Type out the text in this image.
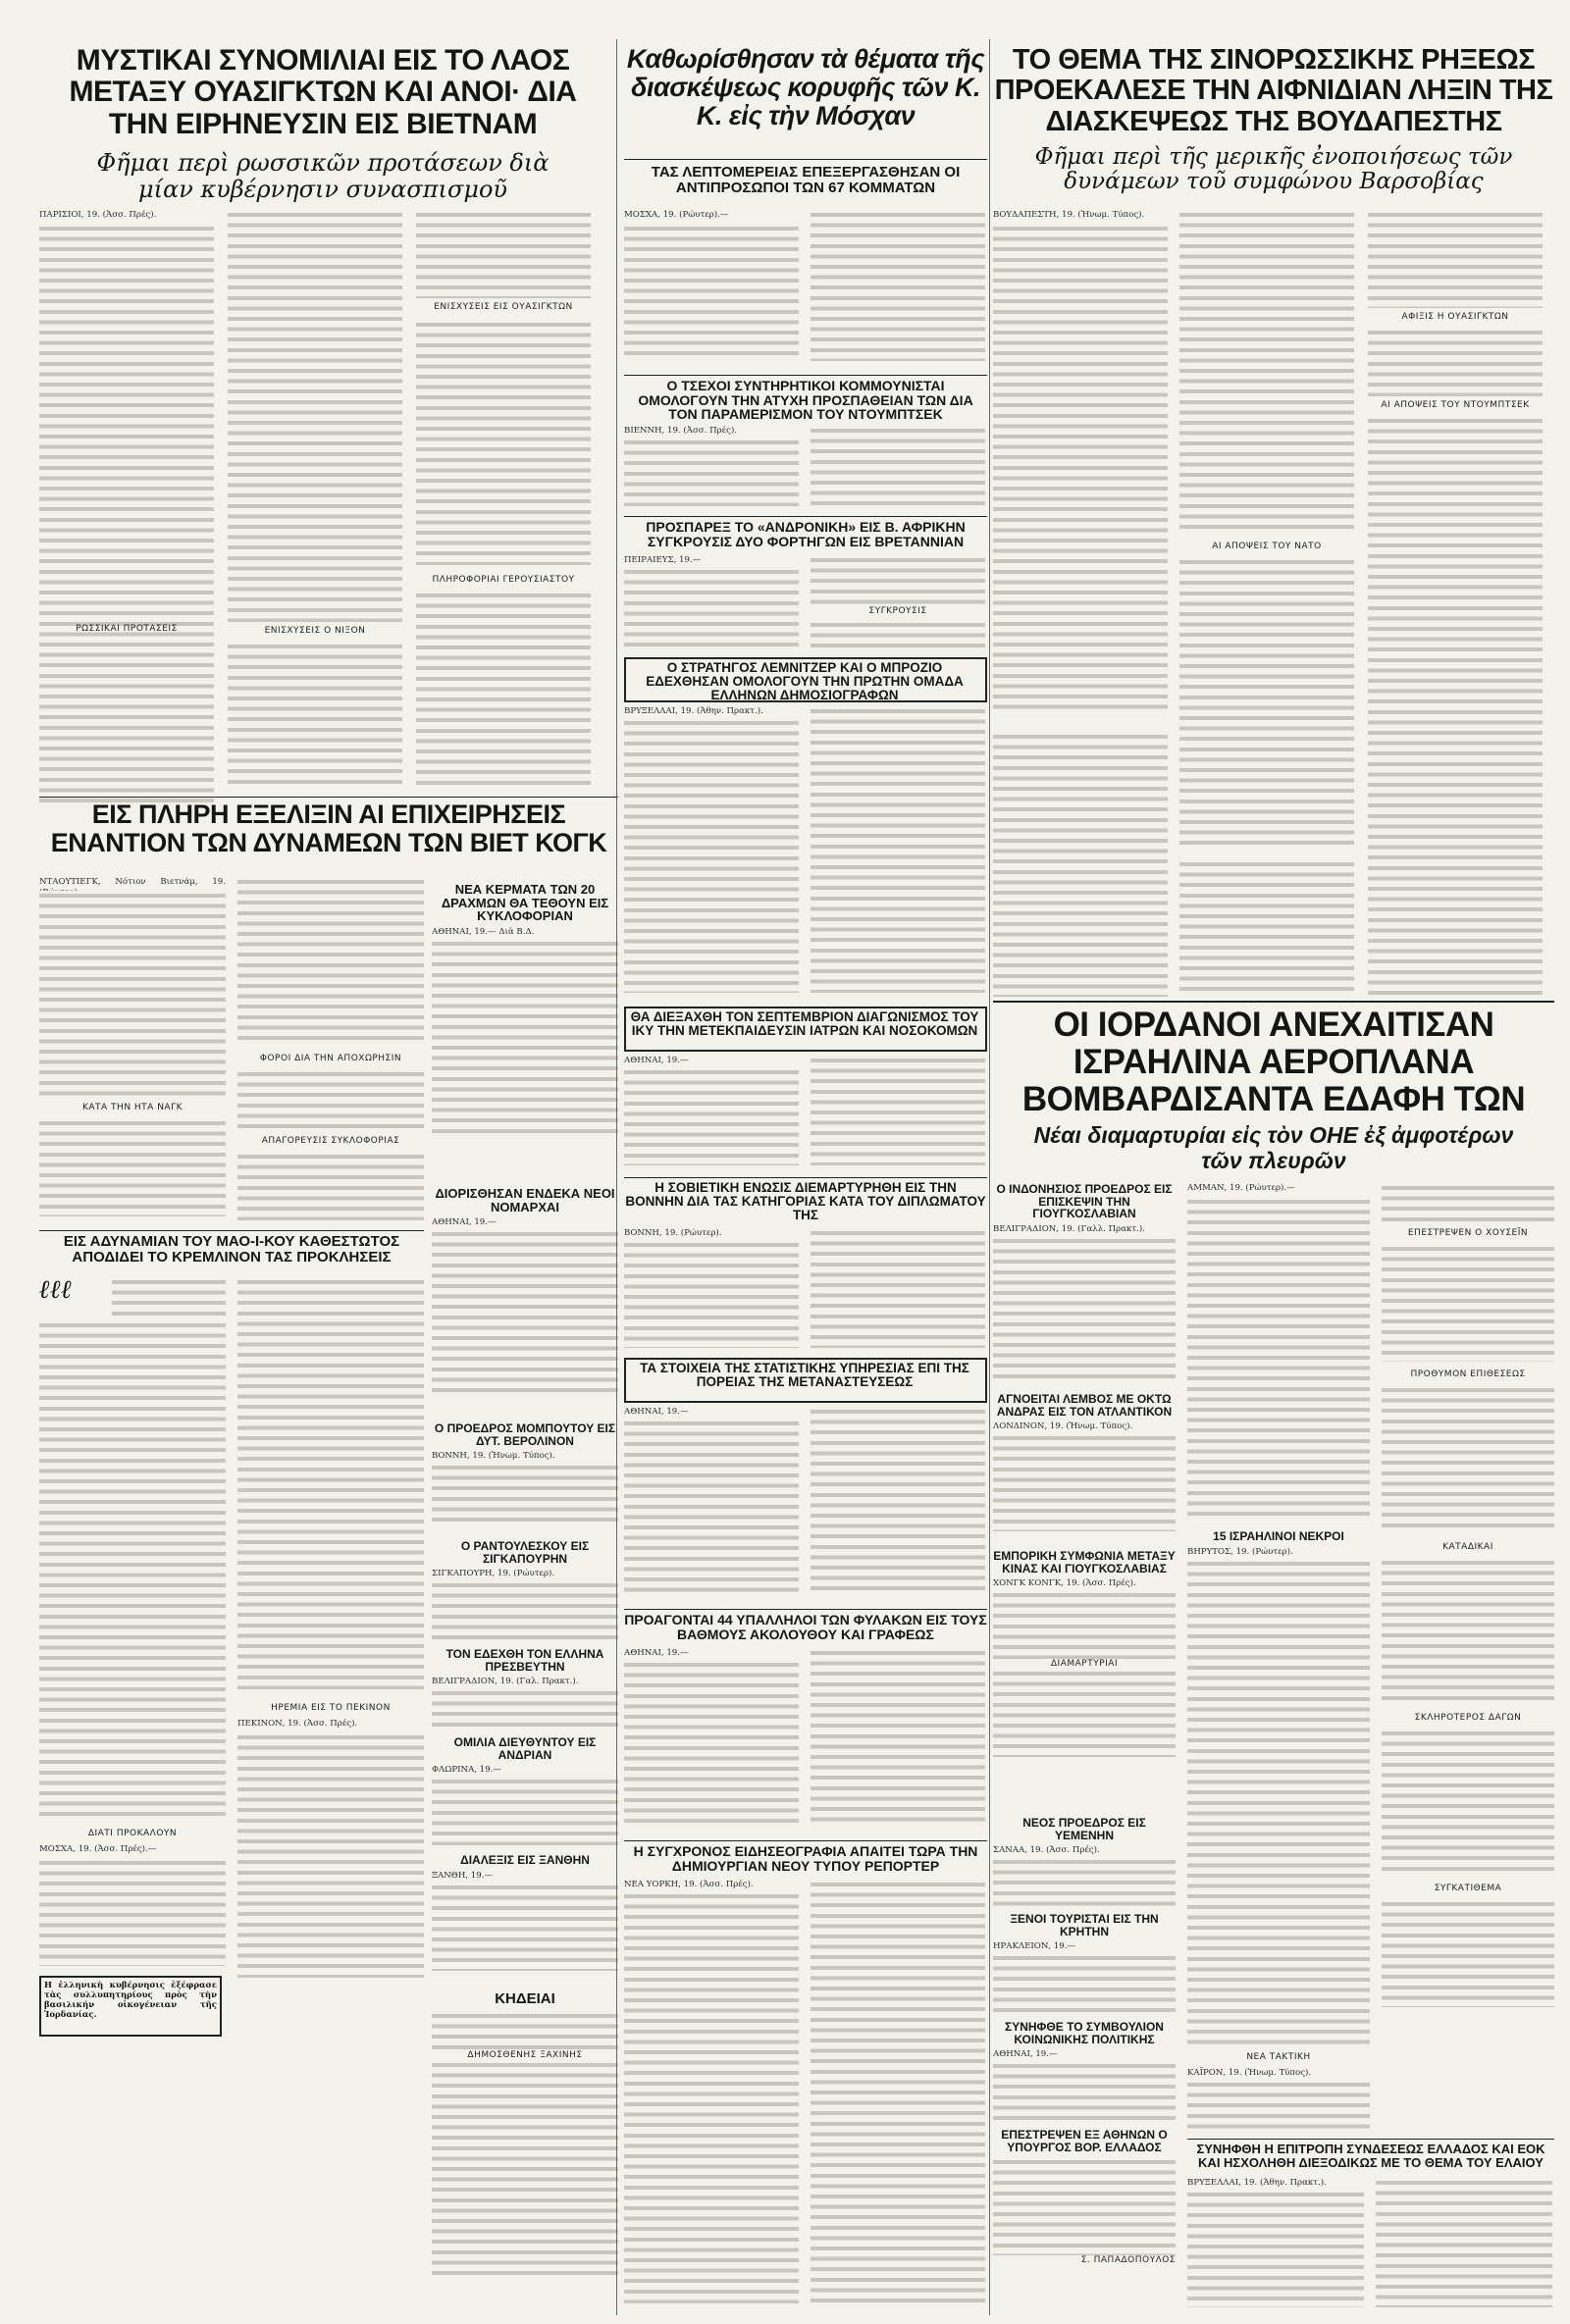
ΜΥΣΤΙΚΑΙ ΣΥΝΟΜΙΛΙΑΙ ΕΙΣ ΤΟ ΛΑΟΣ ΜΕΤΑΞΥ ΟΥΑΣΙΓΚΤΩΝ ΚΑΙ ΑΝΟΙ· ΔΙΑ ΤΗΝ ΕΙΡΗΝΕΥΣΙΝ ΕΙΣ ΒΙΕΤΝΑΜ

Φῆμαι περὶ ρωσσικῶν προτάσεων διὰ μίαν κυβέρνησιν συνασπισμοῦ

ΠΑΡΙΣΙΟΙ, 19. (Ἀσσ. Πρές).
ΡΩΣΣΙΚΑΙ ΠΡΟΤΑΣΕΙΣ
ΕΝΙΣΧΥΣΕΙΣ ΕΙΣ ΟΥΑΣΙΓΚΤΩΝ
ΕΝΙΣΧΥΣΕΙΣ Ο ΝΙΞΟΝ
ΠΛΗΡΟΦΟΡΙΑΙ ΓΕΡΟΥΣΙΑΣΤΟΥ
Καθωρίσθησαν τὰ θέματα τῆς διασκέψεως κορυφῆς τῶν Κ. Κ. εἰς τὴν Μόσχαν

ΤΑΣ ΛΕΠΤΟΜΕΡΕΙΑΣ ΕΠΕΞΕΡΓΑΣΘΗΣΑΝ ΟΙ ΑΝΤΙΠΡΟΣΩΠΟΙ ΤΩΝ 67 ΚΟΜΜΑΤΩΝ

ΜΟΣΧΑ, 19. (Ρώυτερ).—
ΤΟ ΘΕΜΑ ΤΗΣ ΣΙΝΟΡΩΣΣΙΚΗΣ ΡΗΞΕΩΣ ΠΡΟΕΚΑΛΕΣΕ ΤΗΝ ΑΙΦΝΙΔΙΑΝ ΛΗΞΙΝ ΤΗΣ ΔΙΑΣΚΕΨΕΩΣ ΤΗΣ ΒΟΥΔΑΠΕΣΤΗΣ

Φῆμαι περὶ τῆς μερικῆς ἐνοποιήσεως τῶν δυνάμεων τοῦ συμφώνου Βαρσοβίας

ΒΟΥΔΑΠΕΣΤΗ, 19. (Ἠνωμ. Τύπος).
ΑΙ ΑΠΟΨΕΙΣ ΤΟΥ ΝΑΤΟ
ΑΦΙΞΙΣ Η ΟΥΑΣΙΓΚΤΩΝ
ΑΙ ΑΠΟΨΕΙΣ ΤΟΥ ΝΤΟΥΜΠΤΣΕΚ
Ο ΤΣΕΧΟΙ ΣΥΝΤΗΡΗΤΙΚΟΙ ΚΟΜΜΟΥΝΙΣΤΑΙ ΟΜΟΛΟΓΟΥΝ ΤΗΝ ΑΤΥΧΗ ΠΡΟΣΠΑΘΕΙΑΝ ΤΩΝ ΔΙΑ ΤΟΝ ΠΑΡΑΜΕΡΙΣΜΟΝ ΤΟΥ ΝΤΟΥΜΠΤΣΕΚ
ΒΙΕΝΝΗ, 19. (Ἀσσ. Πρές).
ΠΡΟΣΠΑΡΕΞ ΤΟ «ΑΝΔΡΟΝΙΚΗ» ΕΙΣ Β. ΑΦΡΙΚΗΝ ΣΥΓΚΡΟΥΣΙΣ ΔΥΟ ΦΟΡΤΗΓΩΝ ΕΙΣ ΒΡΕΤΑΝΝΙΑΝ
ΠΕΙΡΑΙΕΥΣ, 19.—
ΣΥΓΚΡΟΥΣΙΣ
Ο ΣΤΡΑΤΗΓΟΣ ΛΕΜΝΙΤΖΕΡ ΚΑΙ Ο ΜΠΡΟΖΙΟ ΕΔΕΧΘΗΣΑΝ ΟΜΟΛΟΓΟΥΝ ΤΗΝ ΠΡΩΤΗΝ ΟΜΑΔΑ ΕΛΛΗΝΩΝ ΔΗΜΟΣΙΟΓΡΑΦΩΝ
ΒΡΥΞΕΛΛΑΙ, 19. (Ἀθην. Πρακτ.).
ΕΙΣ ΠΛΗΡΗ ΕΞΕΛΙΞΙΝ ΑΙ ΕΠΙΧΕΙΡΗΣΕΙΣ ΕΝΑΝΤΙΟΝ ΤΩΝ ΔΥΝΑΜΕΩΝ ΤΩΝ ΒΙΕΤ ΚΟΓΚ
ΝΤΑΟΥΤΙΕΓΚ, Νότιον Βιετνάμ, 19.
ΚΑΤΑ ΤΗΝ ΗΤΑ ΝΑΓΚ
ΦΟΡΟΙ ΔΙΑ ΤΗΝ ΑΠΟΧΩΡΗΣΙΝ
ΑΠΑΓΟΡΕΥΣΙΣ ΣΥΚΛΟΦΟΡΙΑΣ
ΝΕΑ ΚΕΡΜΑΤΑ ΤΩΝ 20 ΔΡΑΧΜΩΝ ΘΑ ΤΕΘΟΥΝ ΕΙΣ ΚΥΚΛΟΦΟΡΙΑΝ
ΑΘΗΝΑΙ, 19.— Διὰ Β.Δ.
ΔΙΟΡΙΣΘΗΣΑΝ ΕΝΔΕΚΑ ΝΕΟΙ ΝΟΜΑΡΧΑΙ
ΑΘΗΝΑΙ, 19.—
Ο ΠΡΟΕΔΡΟΣ ΜΟΜΠΟΥΤΟΥ ΕΙΣ ΔΥΤ. ΒΕΡΟΛΙΝΟΝ
ΒΟΝΝΗ, 19. (Ἠνωμ. Τύπος).
Ο ΡΑΝΤΟΥΛΕΣΚΟΥ ΕΙΣ ΣΙΓΚΑΠΟΥΡΗΝ
ΣΙΓΚΑΠΟΥΡΗ, 19. (Ρώυτερ).
ΤΟΝ ΕΔΕΧΘΗ ΤΟΝ ΕΛΛΗΝΑ ΠΡΕΣΒΕΥΤΗΝ
ΒΕΛΙΓΡΑΔΙΟΝ, 19. (Γαλ. Πρακτ.).
ΟΜΙΛΙΑ ΔΙΕΥΘΥΝΤΟΥ ΕΙΣ ΑΝΔΡΙΑΝ
ΦΛΩΡΙΝΑ, 19.—
ΔΙΑΛΕΞΙΣ ΕΙΣ ΞΑΝΘΗΝ
ΞΑΝΘΗ, 19.—
ΚΗΔΕΙΑΙ
ΔΗΜΟΣΘΕΝΗΣ ΞΑΧΙΝΗΣ
ΕΙΣ ΑΔΥΝΑΜΙΑΝ ΤΟΥ ΜΑΟ-Ι-ΚΟΥ ΚΑΘΕΣΤΩΤΟΣ ΑΠΟΔΙΔΕΙ ΤΟ ΚΡΕΜΛΙΝΟΝ ΤΑΣ ΠΡΟΚΛΗΣΕΙΣ
ℓℓℓ
ΔΙΑΤΙ ΠΡΟΚΑΛΟΥΝ
ΜΟΣΧΑ, 19. (Ἀσσ. Πρές).—
ΗΡΕΜΙΑ ΕΙΣ ΤΟ ΠΕΚΙΝΟΝ
ΠΕΚΙΝΟΝ, 19. (Ἀσσ. Πρές).
Η ἑλληνικὴ κυβέρνησις ἐξέφρασε τὰς συλλυπητηρίους πρὸς τὴν βασιλικήν οἰκογένειαν τῆς Ἰορδανίας.
ΘΑ ΔΙΕΞΑΧΘΗ ΤΟΝ ΣΕΠΤΕΜΒΡΙΟΝ ΔΙΑΓΩΝΙΣΜΟΣ ΤΟΥ ΙΚΥ ΤΗΝ ΜΕΤΕΚΠΑΙΔΕΥΣΙΝ ΙΑΤΡΩΝ ΚΑΙ ΝΟΣΟΚΟΜΩΝ
ΑΘΗΝΑΙ, 19.—
Η ΣΟΒΙΕΤΙΚΗ ΕΝΩΣΙΣ ΔΙΕΜΑΡΤΥΡΗΘΗ ΕΙΣ ΤΗΝ ΒΟΝΝΗΝ ΔΙΑ ΤΑΣ ΚΑΤΗΓΟΡΙΑΣ ΚΑΤΑ ΤΟΥ ΔΙΠΛΩΜΑΤΟΥ ΤΗΣ
ΒΟΝΝΗ, 19. (Ρώυτερ).
ΤΑ ΣΤΟΙΧΕΙΑ ΤΗΣ ΣΤΑΤΙΣΤΙΚΗΣ ΥΠΗΡΕΣΙΑΣ ΕΠΙ ΤΗΣ ΠΟΡΕΙΑΣ ΤΗΣ ΜΕΤΑΝΑΣΤΕΥΣΕΩΣ
ΑΘΗΝΑΙ, 19.—
ΠΡΟΑΓΟΝΤΑΙ 44 ΥΠΑΛΛΗΛΟΙ ΤΩΝ ΦΥΛΑΚΩΝ ΕΙΣ ΤΟΥΣ ΒΑΘΜΟΥΣ ΑΚΟΛΟΥΘΟΥ ΚΑΙ ΓΡΑΦΕΩΣ
ΑΘΗΝΑΙ, 19.—
Η ΣΥΓΧΡΟΝΟΣ ΕΙΔΗΣΕΟΓΡΑΦΙΑ ΑΠΑΙΤΕΙ ΤΩΡΑ ΤΗΝ ΔΗΜΙΟΥΡΓΙΑΝ ΝΕΟΥ ΤΥΠΟΥ ΡΕΠΟΡΤΕΡ
ΝΕΑ ΥΟΡΚΗ, 19. (Ἀσσ. Πρές).
ΟΙ ΙΟΡΔΑΝΟΙ ΑΝΕΧΑΙΤΙΣΑΝ ΙΣΡΑΗΛΙΝΑ ΑΕΡΟΠΛΑΝΑ ΒΟΜΒΑΡΔΙΣΑΝΤΑ ΕΔΑΦΗ ΤΩΝ

Νέαι διαμαρτυρίαι εἰς τὸν ΟΗΕ ἐξ ἀμφοτέρων τῶν πλευρῶν

Ο ΙΝΔΟΝΗΣΙΟΣ ΠΡΟΕΔΡΟΣ ΕΙΣ ΕΠΙΣΚΕΨΙΝ ΤΗΝ ΓΙΟΥΓΚΟΣΛΑΒΙΑΝ
ΒΕΛΙΓΡΑΔΙΟΝ, 19. (Γαλλ. Πρακτ.).
ΑΓΝΟΕΙΤΑΙ ΛΕΜΒΟΣ ΜΕ ΟΚΤΩ ΑΝΔΡΑΣ ΕΙΣ ΤΟΝ ΑΤΛΑΝΤΙΚΟΝ
ΛΟΝΔΙΝΟΝ, 19. (Ἠνωμ. Τύπος).
ΕΜΠΟΡΙΚΗ ΣΥΜΦΩΝΙΑ ΜΕΤΑΞΥ ΚΙΝΑΣ ΚΑΙ ΓΙΟΥΓΚΟΣΛΑΒΙΑΣ
ΧΟΝΓΚ ΚΟΝΓΚ, 19. (Ἀσσ. Πρές).
ΔΙΑΜΑΡΤΥΡΙΑΙ
ΝΕΟΣ ΠΡΟΕΔΡΟΣ ΕΙΣ ΥΕΜΕΝΗΝ
ΣΑΝΑΑ, 19. (Ἀσσ. Πρές).
ΞΕΝΟΙ ΤΟΥΡΙΣΤΑΙ ΕΙΣ ΤΗΝ ΚΡΗΤΗΝ
ΗΡΑΚΛΕΙΟΝ, 19.—
ΣΥΝΗΦΘΕ ΤΟ ΣΥΜΒΟΥΛΙΟΝ ΚΟΙΝΩΝΙΚΗΣ ΠΟΛΙΤΙΚΗΣ
ΑΘΗΝΑΙ, 19.—
ΕΠΕΣΤΡΕΨΕΝ ΕΞ ΑΘΗΝΩΝ Ο ΥΠΟΥΡΓΟΣ ΒΟΡ. ΕΛΛΑΔΟΣ
Σ. ΠΑΠΑΔΟΠΟΥΛΟΣ
ΑΜΜΑΝ, 19. (Ρώυτερ).—
15 ΙΣΡΑΗΛΙΝΟΙ ΝΕΚΡΟΙ
ΒΗΡΥΤΟΣ, 19. (Ρώυτερ).
ΝΕΑ ΤΑΚΤΙΚΗ
ΚΑΪΡΟΝ, 19. (Ἠνωμ. Τύπος).
ΕΠΕΣΤΡΕΨΕΝ Ο ΧΟΥΣΕΪΝ
ΠΡΟΘΥΜΟΝ ΕΠΙΘΕΣΕΩΣ
ΚΑΤΑΔΙΚΑΙ
ΣΚΛΗΡΟΤΕΡΟΣ ΔΑΓΩΝ
ΣΥΓΚΑΤΙΘΕΜΑ
ΣΥΝΗΦΘΗ Η ΕΠΙΤΡΟΠΗ ΣΥΝΔΕΣΕΩΣ ΕΛΛΑΔΟΣ ΚΑΙ ΕΟΚ ΚΑΙ ΗΣΧΟΛΗΘΗ ΔΙΕΞΟΔΙΚΩΣ ΜΕ ΤΟ ΘΕΜΑ ΤΟΥ ΕΛΑΙΟΥ
ΒΡΥΞΕΛΛΑΙ, 19. (Ἀθην. Πρακτ.).
